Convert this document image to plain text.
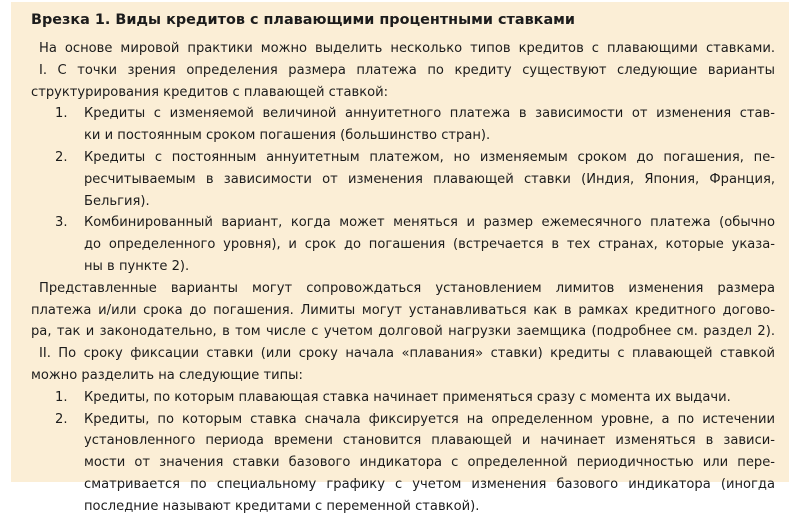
Врезка 1. Виды кредитов с плавающими процентными ставками
На основе мировой практики можно выделить несколько типов кредитов с плавающими ставками.
I. С точки зрения определения размера платежа по кредиту существуют следующие варианты
структурирования кредитов с плавающей ставкой:
1. Кредиты с изменяемой величиной аннуитетного платежа в зависимости от изменения став-
ки и постоянным сроком погашения (большинство стран).
2. Кредиты с постоянным аннуитетным платежом, но изменяемым сроком до погашения, пе-
ресчитываемым в зависимости от изменения плавающей ставки (Индия, Япония, Франция,
Бельгия).
3. Комбинированный вариант, когда может меняться и размер ежемесячного платежа (обычно
до определенного уровня), и срок до погашения (встречается в тех странах, которые указа-
ны в пункте 2).
Представленные варианты могут сопровождаться установлением лимитов изменения размера
платежа и/или срока до погашения. Лимиты могут устанавливаться как в рамках кредитного догово-
ра, так и законодательно, в том числе с учетом долговой нагрузки заемщика (подробнее см. раздел 2).
II. По сроку фиксации ставки (или сроку начала «плавания» ставки) кредиты с плавающей ставкой
можно разделить на следующие типы:
1. Кредиты, по которым плавающая ставка начинает применяться сразу с момента их выдачи.
2. Кредиты, по которым ставка сначала фиксируется на определенном уровне, а по истечении
установленного периода времени становится плавающей и начинает изменяться в зависи-
мости от значения ставки базового индикатора с определенной периодичностью или пере-
сматривается по специальному графику с учетом изменения базового индикатора (иногда
последние называют кредитами с переменной ставкой).
